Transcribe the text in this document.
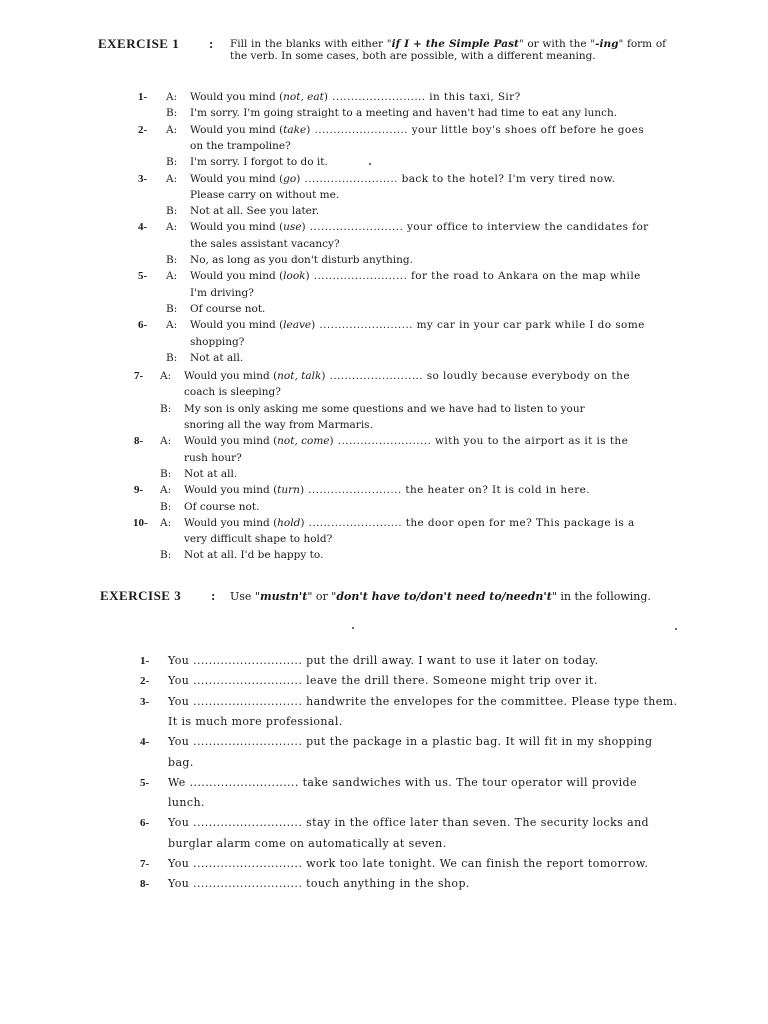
EXERCISE 1 : Fill in the blanks with either "if I + the Simple Past" or with the "-ing" form of the verb. In some cases, both are possible, with a different meaning.
1- A: Would you mind (not, eat) ......................... in this taxi, Sir?
B: I'm sorry. I'm going straight to a meeting and haven't had time to eat any lunch.
2- A: Would you mind (take) ......................... your little boy's shoes off before he goes
on the trampoline?
B: I'm sorry. I forgot to do it.
3- A: Would you mind (go) ......................... back to the hotel? I'm very tired now.
Please carry on without me.
B: Not at all. See you later.
4- A: Would you mind (use) ......................... your office to interview the candidates for
the sales assistant vacancy?
B: No, as long as you don't disturb anything.
5- A: Would you mind (look) ......................... for the road to Ankara on the map while
I'm driving?
B: Of course not.
6- A: Would you mind (leave) ......................... my car in your car park while I do some
shopping?
B: Not at all.
7- A: Would you mind (not, talk) ......................... so loudly because everybody on the
coach is sleeping?
B: My son is only asking me some questions and we have had to listen to your
snoring all the way from Marmaris.
8- A: Would you mind (not, come) ......................... with you to the airport as it is the
rush hour?
B: Not at all.
9- A: Would you mind (turn) ......................... the heater on? It is cold in here.
B: Of course not.
10- A: Would you mind (hold) ......................... the door open for me? This package is a
very difficult shape to hold?
B: Not at all. I'd be happy to.
EXERCISE 3 : Use "mustn't" or "don't have to/don't need to/needn't" in the following.
1- You ............................ put the drill away. I want to use it later on today.
2- You ............................ leave the drill there. Someone might trip over it.
3- You ............................ handwrite the envelopes for the committee. Please type them.
It is much more professional.
4- You ............................ put the package in a plastic bag. It will fit in my shopping
bag.
5- We ............................ take sandwiches with us. The tour operator will provide
lunch.
6- You ............................ stay in the office later than seven. The security locks and
burglar alarm come on automatically at seven.
7- You ............................ work too late tonight. We can finish the report tomorrow.
8- You ............................ touch anything in the shop.
